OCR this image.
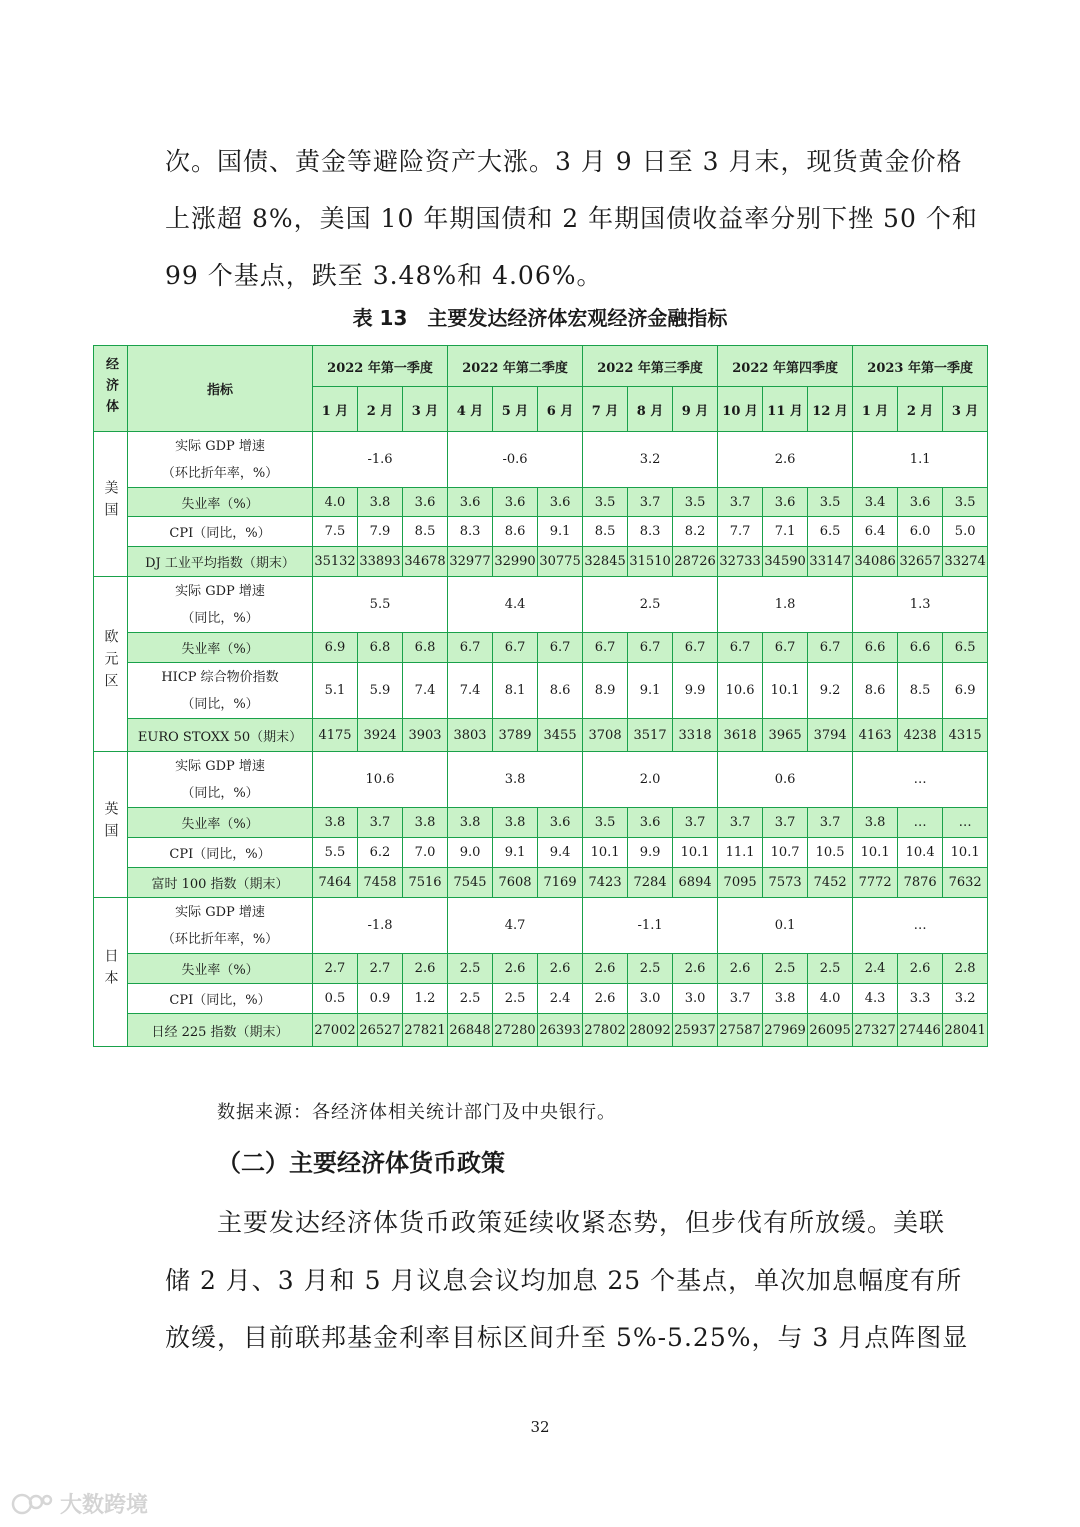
次。国债、黄金等避险资产大涨。3 月 9 日至 3 月末，现货黄金价格

上涨超 8%，美国 10 年期国债和 2 年期国债收益率分别下挫 50 个和

99 个基点，跌至 3.48%和 4.06%。

表 13　主要发达经济体宏观经济金融指标

经济体	指标	2022 年第一季度			2022 年第二季度			2022 年第三季度			2022 年第四季度			2023 年第一季度		
		1 月	2 月	3 月	4 月	5 月	6 月	7 月	8 月	9 月	10 月	11 月	12 月	1 月	2 月	3 月
美国	实际 GDP 增速
（环比折年率，%）	-1.6			-0.6			3.2			2.6			1.1		
	失业率（%）	4.0	3.8	3.6	3.6	3.6	3.6	3.5	3.7	3.5	3.7	3.6	3.5	3.4	3.6	3.5
	CPI（同比，%）	7.5	7.9	8.5	8.3	8.6	9.1	8.5	8.3	8.2	7.7	7.1	6.5	6.4	6.0	5.0
	DJ 工业平均指数（期末）	35132	33893	34678	32977	32990	30775	32845	31510	28726	32733	34590	33147	34086	32657	33274
欧元区	实际 GDP 增速
（同比，%）	5.5			4.4			2.5			1.8			1.3		
	失业率（%）	6.9	6.8	6.8	6.7	6.7	6.7	6.7	6.7	6.7	6.7	6.7	6.7	6.6	6.6	6.5

	HICP 综合物价指数
（同比，%）	5.1	5.9	7.4	7.4	8.1	8.6	8.9	9.1	9.9	10.6	10.1	9.2	8.6	8.5	6.9
	EURO STOXX 50（期末）	4175	3924	3903	3803	3789	3455	3708	3517	3318	3618	3965	3794	4163	4238	4315
英国	实际 GDP 增速
（同比，%）	10.6			3.8			2.0			0.6			…		
	失业率（%）	3.8	3.7	3.8	3.8	3.8	3.6	3.5	3.6	3.7	3.7	3.7	3.7	3.8	…	…
	CPI（同比，%）	5.5	6.2	7.0	9.0	9.1	9.4	10.1	9.9	10.1	11.1	10.7	10.5	10.1	10.4	10.1
	富时 100 指数（期末）	7464	7458	7516	7545	7608	7169	7423	7284	6894	7095	7573	7452	7772	7876	7632
日本	实际 GDP 增速
（环比折年率，%）	-1.8			4.7			-1.1			0.1			…		
	失业率（%）	2.7	2.7	2.6	2.5	2.6	2.6	2.6	2.5	2.6	2.6	2.5	2.5	2.4	2.6	2.8
	CPI（同比，%）	0.5	0.9	1.2	2.5	2.5	2.4	2.6	3.0	3.0	3.7	3.8	4.0	4.3	3.3	3.2
	日经 225 指数（期末）	27002	26527	27821	26848	27280	26393	27802	28092	25937	27587	27969	26095	27327	27446	28041

数据来源：各经济体相关统计部门及中央银行。

（二）主要经济体货币政策

主要发达经济体货币政策延续收紧态势，但步伐有所放缓。美联

储 2 月、3 月和 5 月议息会议均加息 25 个基点，单次加息幅度有所

放缓，目前联邦基金利率目标区间升至 5%-5.25%，与 3 月点阵图显

32

大数跨境
